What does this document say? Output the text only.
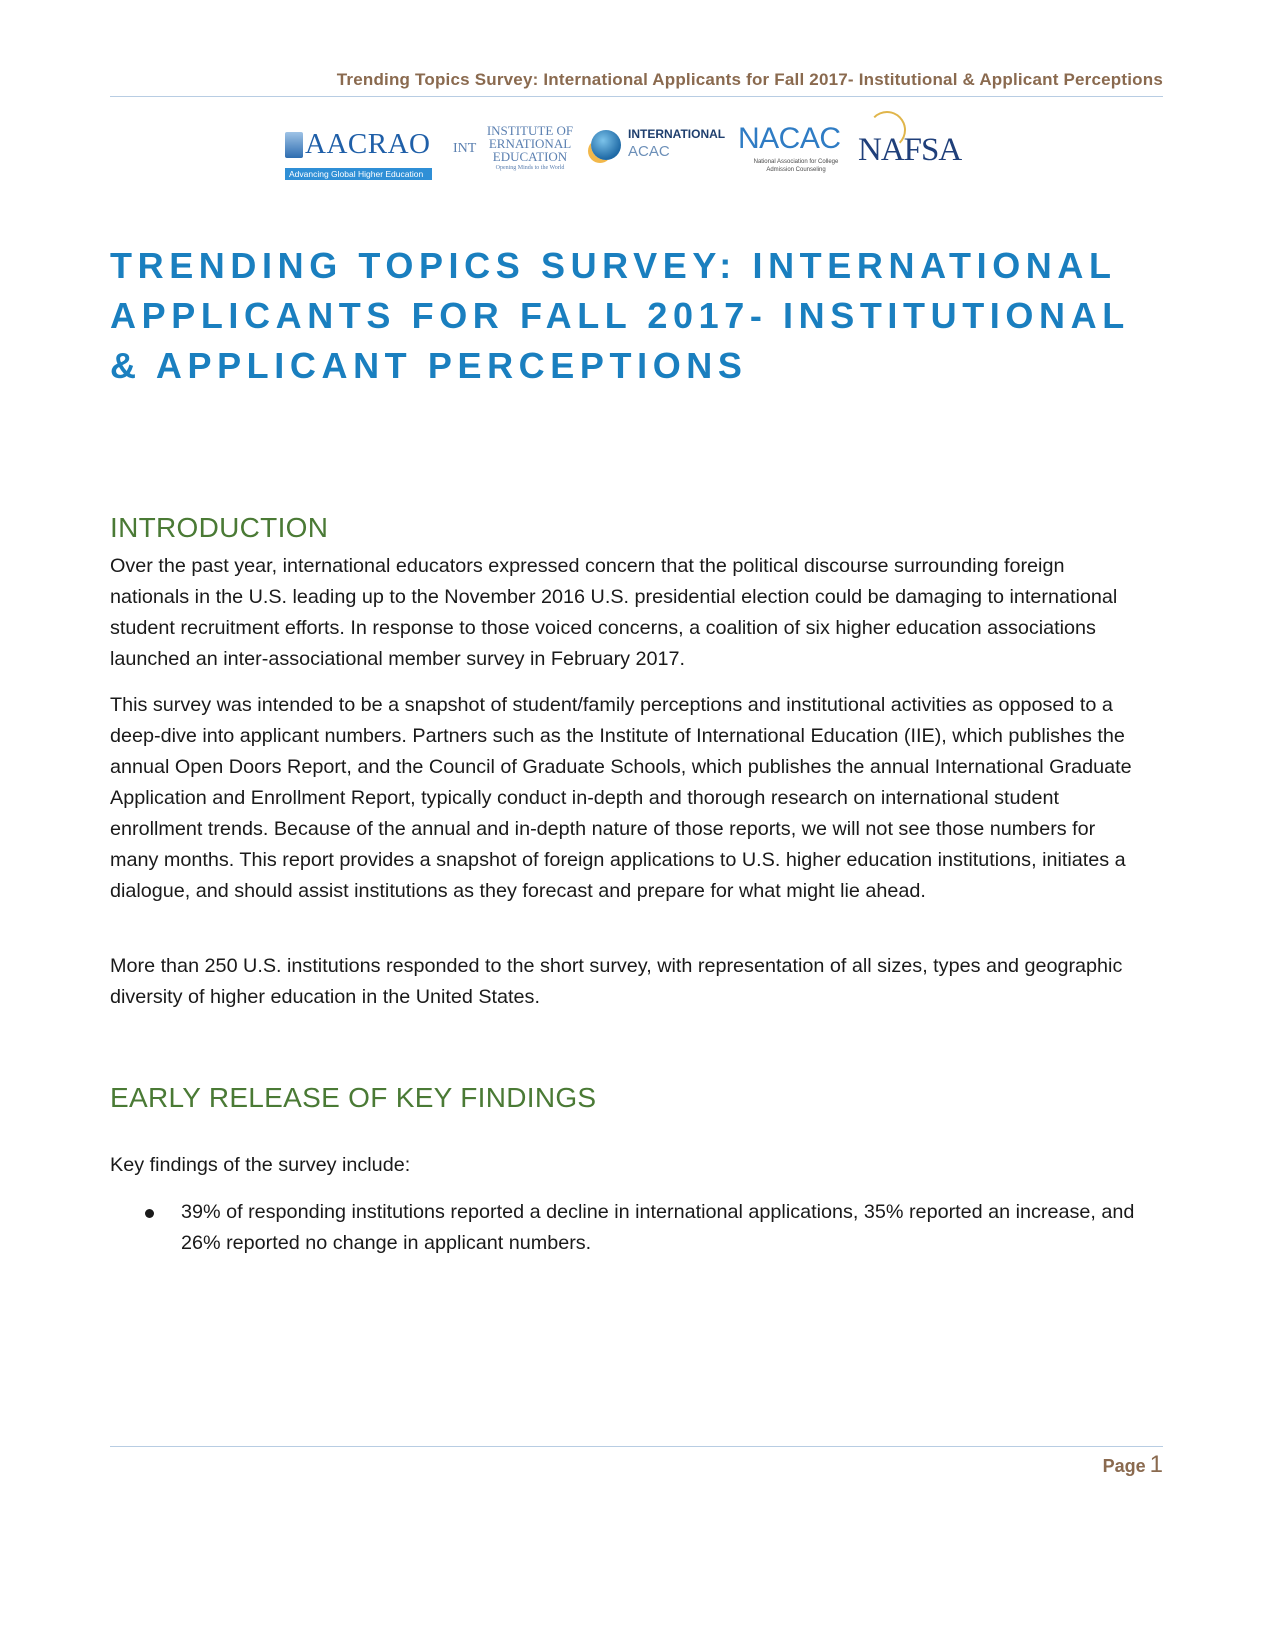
Trending Topics Survey: International Applicants for Fall 2017- Institutional & Applicant Perceptions
AACRAO
Advancing Global Higher Education
INT
INSTITUTE OF
ERNATIONAL
EDUCATION
Opening Minds to the World
INTERNATIONAL
ACAC NACAC
National Association for College Admission Counseling
NAFSA
TRENDING TOPICS SURVEY: INTERNATIONAL APPLICANTS FOR FALL 2017- INSTITUTIONAL & APPLICANT PERCEPTIONS
INTRODUCTION

Over the past year, international educators expressed concern that the political discourse surrounding foreign nationals in the U.S. leading up to the November 2016 U.S. presidential election could be damaging to international student recruitment efforts. In response to those voiced concerns, a coalition of six higher education associations launched an inter-associational member survey in February 2017.

This survey was intended to be a snapshot of student/family perceptions and institutional activities as opposed to a deep-dive into applicant numbers. Partners such as the Institute of International Education (IIE), which publishes the annual Open Doors Report, and the Council of Graduate Schools, which publishes the annual International Graduate Application and Enrollment Report, typically conduct in-depth and thorough research on international student enrollment trends. Because of the annual and in-depth nature of those reports, we will not see those numbers for many months. This report provides a snapshot of foreign applications to U.S. higher education institutions, initiates a dialogue, and should assist institutions as they forecast and prepare for what might lie ahead.

More than 250 U.S. institutions responded to the short survey, with representation of all sizes, types and geographic diversity of higher education in the United States.

EARLY RELEASE OF KEY FINDINGS

Key findings of the survey include:

39% of responding institutions reported a decline in international applications, 35% reported an increase, and 26% reported no change in applicant numbers.
Page 1
